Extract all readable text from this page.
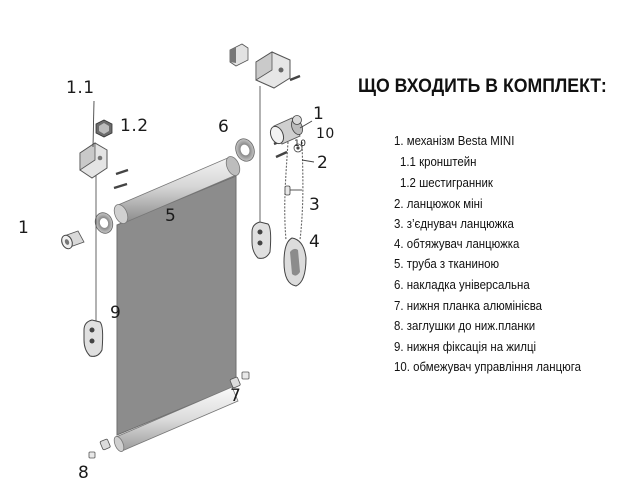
1.1
1.2
1
5
6
9
1
10
10
2
3
4
7
8
ЩО ВХОДИТЬ В КОМПЛЕКТ:
1. механізм Besta MINI
1.1 кронштейн
1.2 шестигранник
2. ланцюжок міні
3. з’єднувач ланцюжка
4. обтяжувач ланцюжка
5. труба з тканиною
6. накладка універсальна
7. нижня планка алюмінієва
8. заглушки до ниж.планки
9. нижня фіксація на жилці
10. обмежувач управління ланцюга
